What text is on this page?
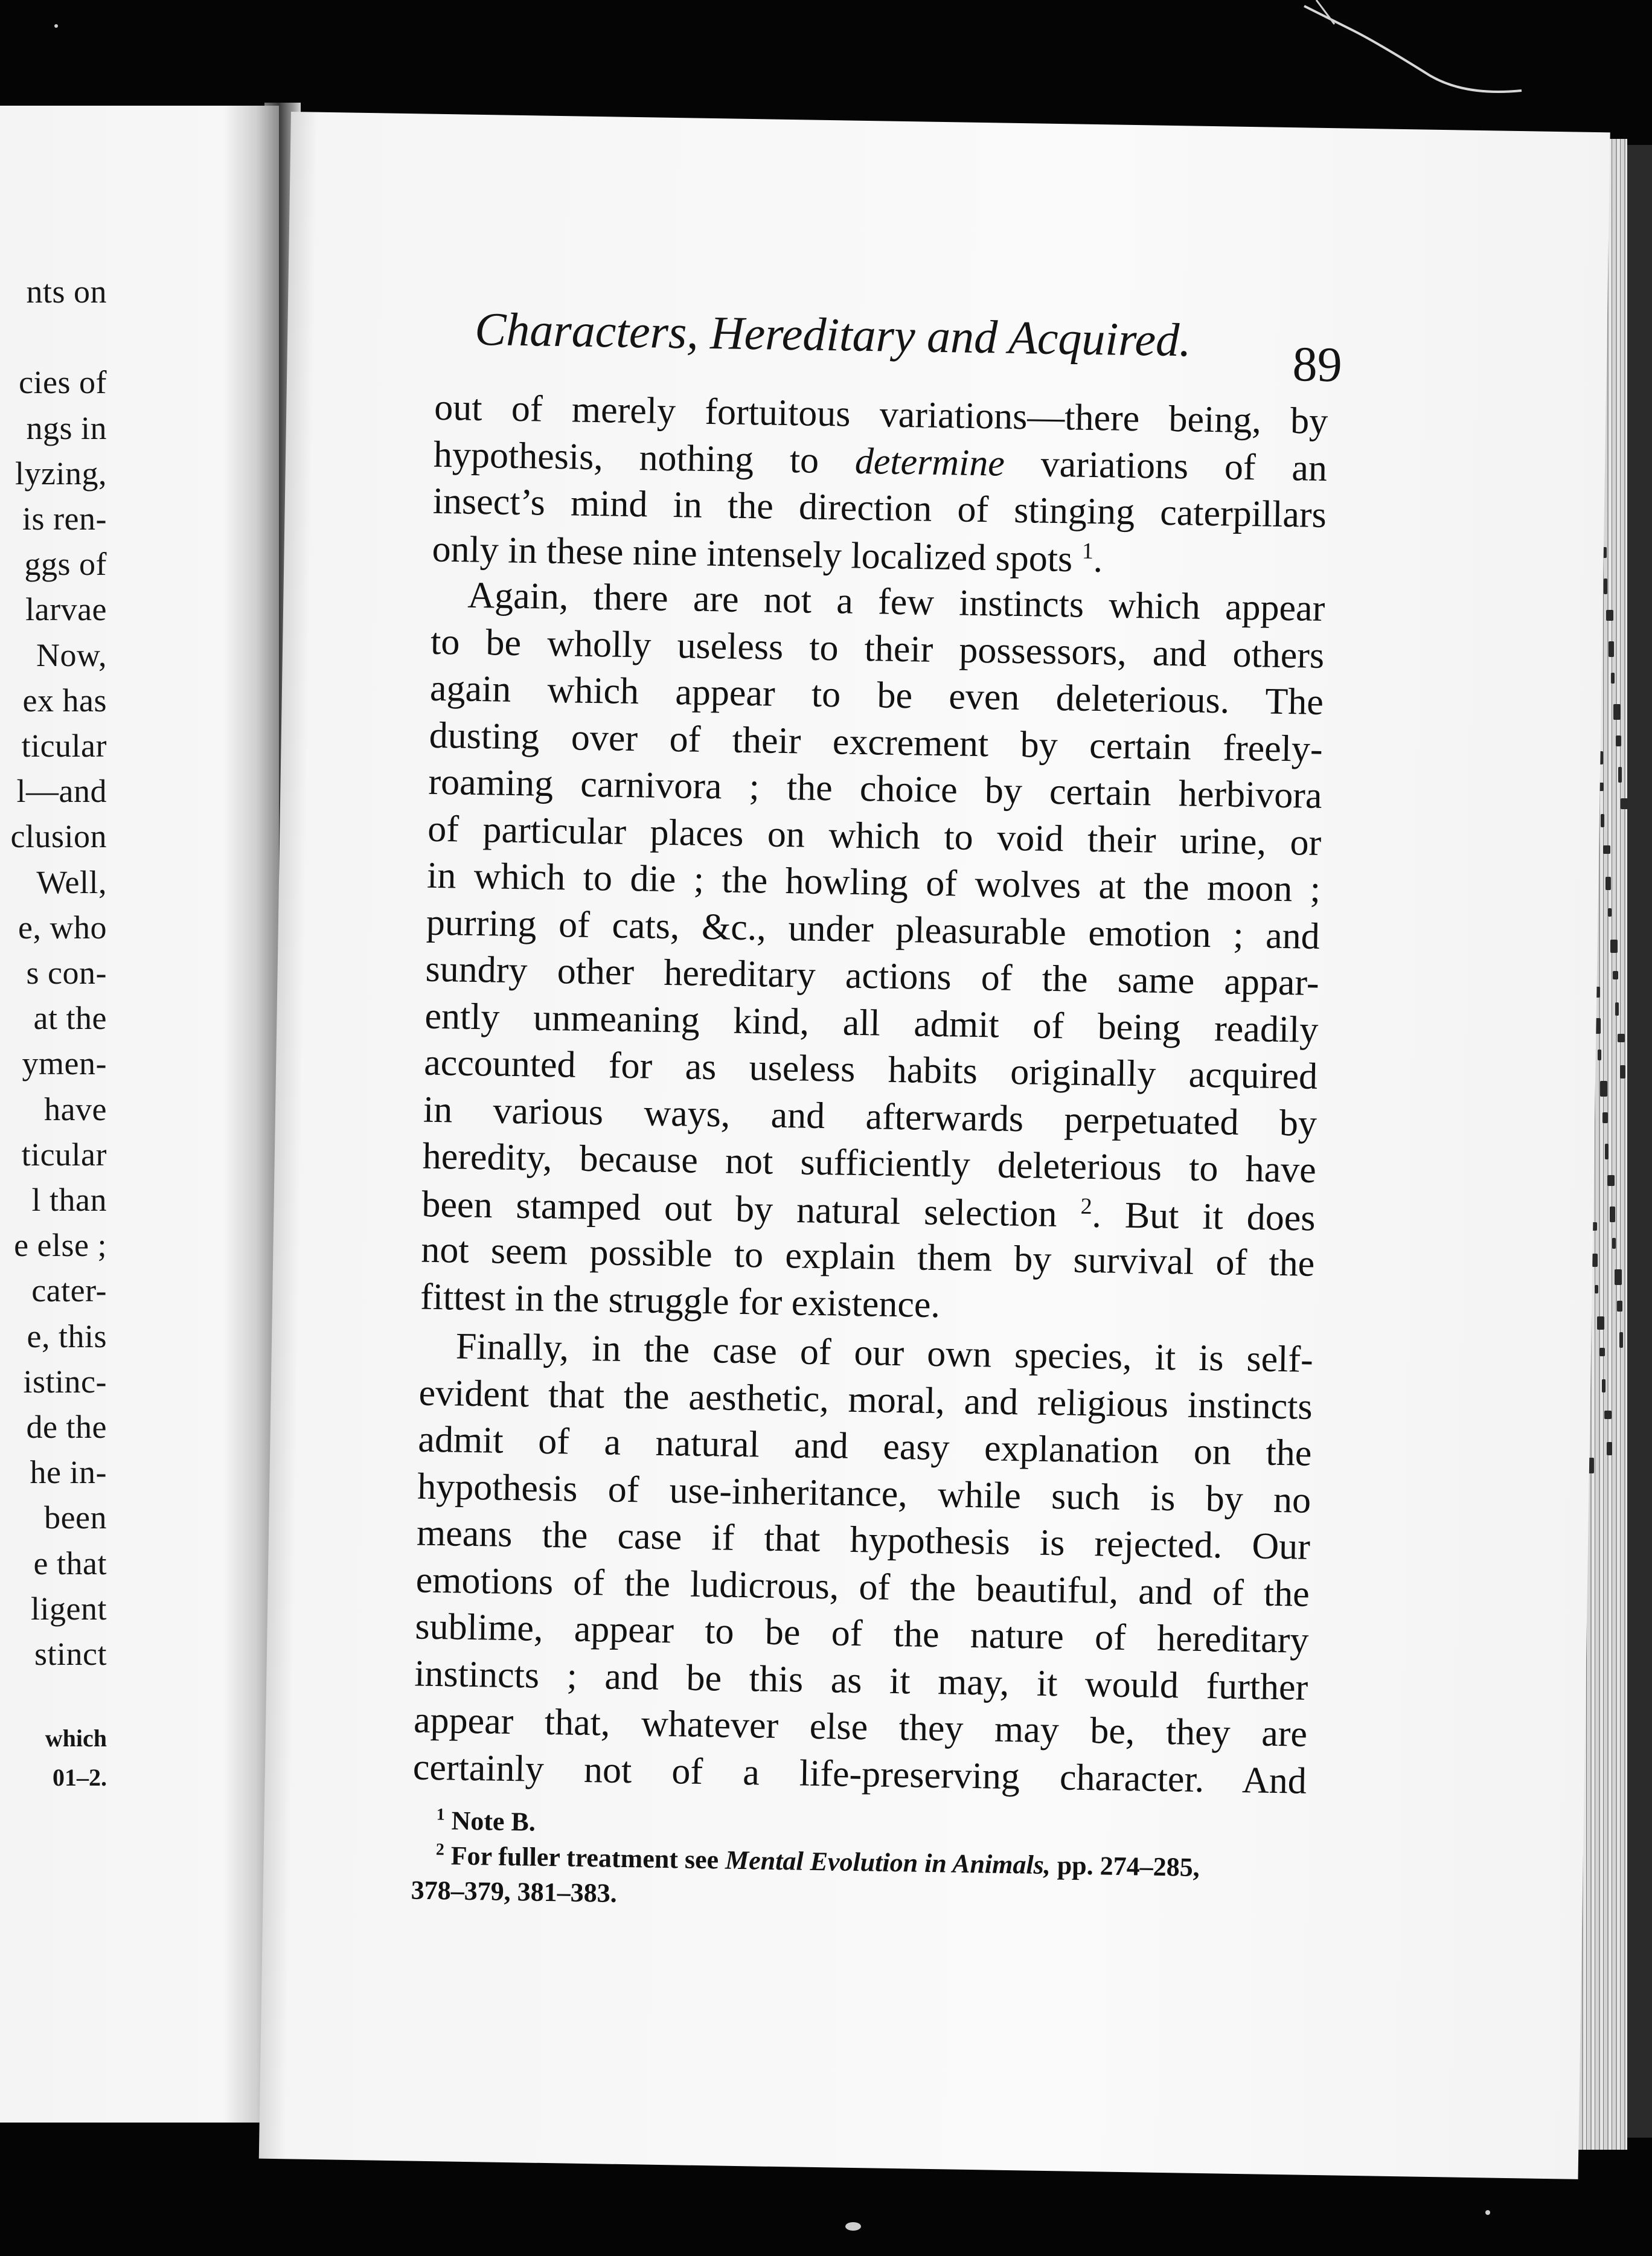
nts on
cies of
ngs in
lyzing,
is ren-
ggs of
larvae
Now,
ex has
ticular
l—and
clusion
Well,
e, who
s con-
at the
ymen-
have
ticular
l than
e else ;
cater-
e, this
istinc-
de the
he in-
been
e that
ligent
stinct
which
01–2.
Characters, Hereditary and Acquired.	89
out of merely fortuitous variations—there being, by
hypothesis, nothing to determine variations of an
insect’s mind in the direction of stinging caterpillars
only in these nine intensely localized spots $^1$.
Again, there are not a few instincts which appear
to be wholly useless to their possessors, and others
again which appear to be even deleterious. The
dusting over of their excrement by certain freely-
roaming carnivora ; the choice by certain herbivora
of particular places on which to void their urine, or
in which to die ; the howling of wolves at the moon ;
purring of cats, &c., under pleasurable emotion ; and
sundry other hereditary actions of the same appar-
ently unmeaning kind, all admit of being readily
accounted for as useless habits originally acquired
in various ways, and afterwards perpetuated by
heredity, because not sufficiently deleterious to have
been stamped out by natural selection $^2$. But it does
not seem possible to explain them by survival of the
fittest in the struggle for existence.
Finally, in the case of our own species, it is self-
evident that the aesthetic, moral, and religious instincts
admit of a natural and easy explanation on the
hypothesis of use-inheritance, while such is by no
means the case if that hypothesis is rejected. Our
emotions of the ludicrous, of the beautiful, and of the
sublime, appear to be of the nature of hereditary
instincts ; and be this as it may, it would further
appear that, whatever else they may be, they are
certainly not of a life-preserving character. And
$^1$ Note B.
$^2$ For fuller treatment see Mental Evolution in Animals, pp. 274–285,
378–379, 381–383.
